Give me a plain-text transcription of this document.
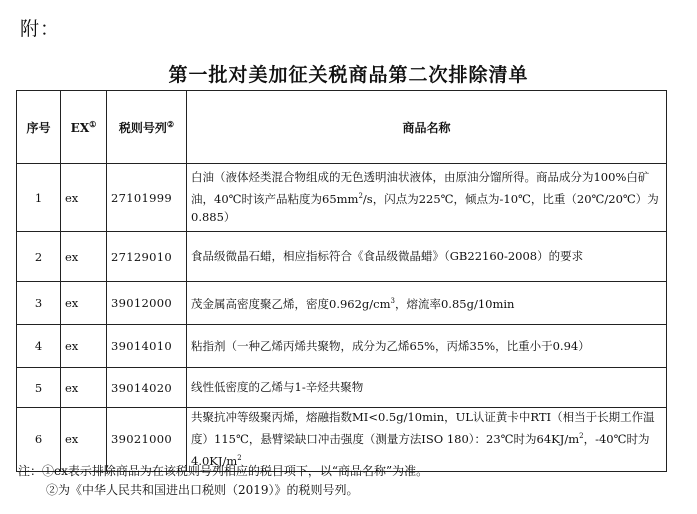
附：
第一批对美加征关税商品第二次排除清单
序号	EX①	税则号列②	商品名称
1	ex	27101999	白油（液体烃类混合物组成的无色透明油状液体，由原油分馏所得。商品成分为100%白矿油，40℃时该产品粘度为$65mm^2/s$，闪点为225℃，倾点为-10℃，比重（20℃/20℃）为0.885）
2	ex	27129010	食品级微晶石蜡，相应指标符合《食品级微晶蜡》（GB22160-2008）的要求
3	ex	39012000	茂金属高密度聚乙烯，密度$0.962g/cm^3$，熔流率0.85g/10min
4	ex	39014010	粘指剂（一种乙烯丙烯共聚物，成分为乙烯65%，丙烯35%，比重小于0.94）
5	ex	39014020	线性低密度的乙烯与1-辛烃共聚物
6	ex	39021000	共聚抗冲等级聚丙烯，熔融指数MI<0.5g/10min，UL认证黄卡中RTI（相当于长期工作温度）115℃，悬臂梁缺口冲击强度（测量方法ISO 180）：23℃时为$64KJ/m^2$，-40℃时为$4.0KJ/m^2$
注：①ex表示排除商品为在该税则号列相应的税目项下，以“商品名称”为准。
②为《中华人民共和国进出口税则（2019）》的税则号列。
